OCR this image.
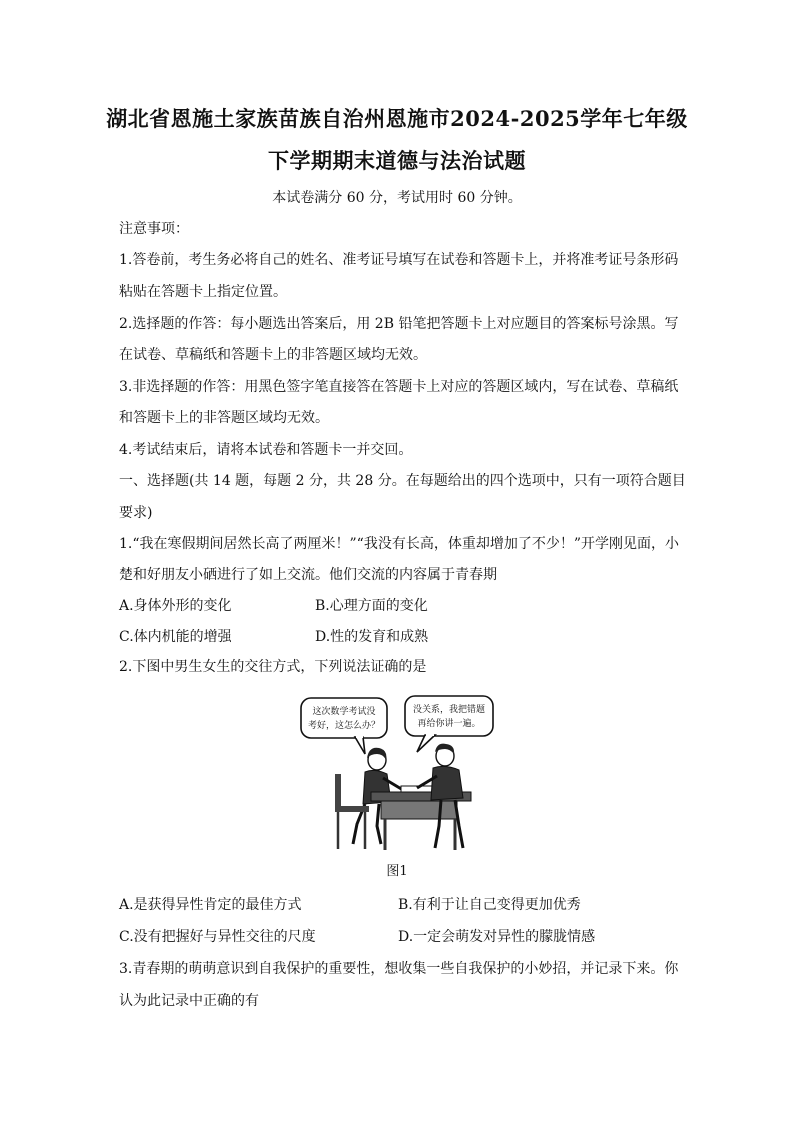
湖北省恩施土家族苗族自治州恩施市2024-2025学年七年级
下学期期末道德与法治试题
本试卷满分 60 分，考试用时 60 分钟。
注意事项：
1.答卷前，考生务必将自己的姓名、准考证号填写在试卷和答题卡上，并将准考证号条形码
粘贴在答题卡上指定位置。
2.选择题的作答：每小题选出答案后，用 2B 铅笔把答题卡上对应题目的答案标号涂黑。写
在试卷、草稿纸和答题卡上的非答题区域均无效。
3.非选择题的作答：用黑色签字笔直接答在答题卡上对应的答题区域内，写在试卷、草稿纸
和答题卡上的非答题区域均无效。
4.考试结束后，请将本试卷和答题卡一并交回。
一、选择题(共 14 题，每题 2 分，共 28 分。在每题给出的四个选项中，只有一项符合题目
要求)
1.“我在寒假期间居然长高了两厘米！”“我没有长高，体重却增加了不少！”开学刚见面，小
楚和好朋友小硒进行了如上交流。他们交流的内容属于青春期
A.身体外形的变化	B.心理方面的变化
C.体内机能的增强	D.性的发育和成熟
2.下图中男生女生的交往方式，下列说法证确的是
这次数学考试没
考好，这怎么办？
没关系，我把错题
再给你讲一遍。
图1
A.是获得异性肯定的最佳方式	B.有利于让自己变得更加优秀
C.没有把握好与异性交往的尺度	D.一定会萌发对异性的朦胧情感
3.青春期的萌萌意识到自我保护的重要性，想收集一些自我保护的小妙招，并记录下来。你
认为此记录中正确的有
